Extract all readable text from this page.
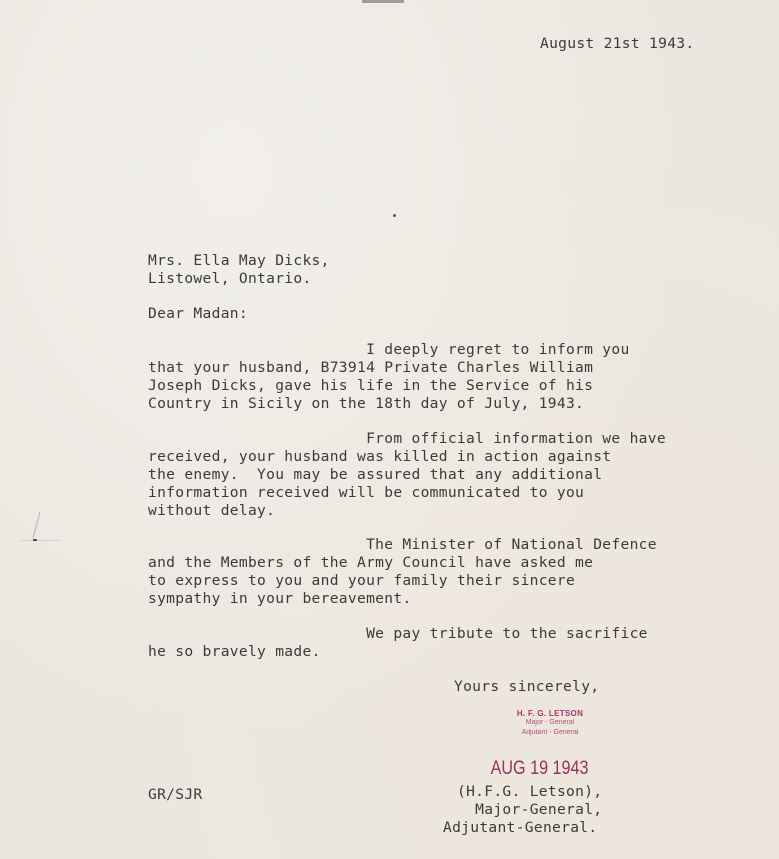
August 21st 1943.
Mrs. Ella May Dicks,
Listowel, Ontario.
Dear Madan:
I deeply regret to inform you
that your husband, B73914 Private Charles William
Joseph Dicks, gave his life in the Service of his
Country in Sicily on the 18th day of July, 1943.
From official information we have
received, your husband was killed in action against
the enemy.  You may be assured that any additional
information received will be communicated to you
without delay.
The Minister of National Defence
and the Members of the Army Council have asked me
to express to you and your family their sincere
sympathy in your bereavement.
We pay tribute to the sacrifice
he so bravely made.
Yours sincerely,
H. F. G. LETSON
Major - General
Adjutant - General
AUG 19 1943
GR/SJR	(H.F.G. Letson),
Major-General,
Adjutant-General.
